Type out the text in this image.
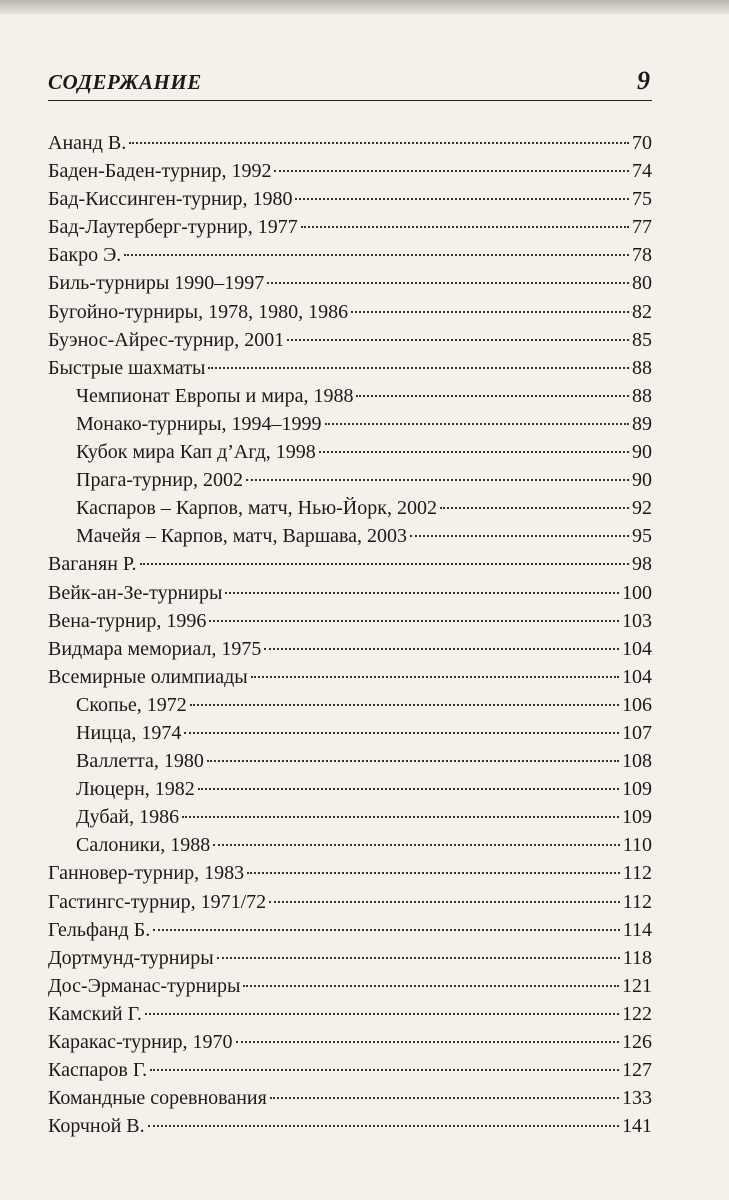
СОДЕРЖАНИЕ	9
Ананд В.	70
Баден-Баден-турнир, 1992	74
Бад-Киссинген-турнир, 1980	75
Бад-Лаутерберг-турнир, 1977	77
Бакро Э.	78
Биль-турниры 1990–1997	80
Бугойно-турниры, 1978, 1980, 1986	82
Буэнос-Айрес-турнир, 2001	85
Быстрые шахматы	88
Чемпионат Европы и мира, 1988	88
Монако-турниры, 1994–1999	89
Кубок мира Кап д’Агд, 1998	90
Прага-турнир, 2002	90
Каспаров – Карпов, матч, Нью-Йорк, 2002	92
Мачейя – Карпов, матч, Варшава, 2003	95
Ваганян Р.	98
Вейк-ан-Зе-турниры	100
Вена-турнир, 1996	103
Видмара мемориал, 1975	104
Всемирные олимпиады	104
Скопье, 1972	106
Ницца, 1974	107
Валлетта, 1980	108
Люцерн, 1982	109
Дубай, 1986	109
Салоники, 1988	110
Ганновер-турнир, 1983	112
Гастингс-турнир, 1971/72	112
Гельфанд Б.	114
Дортмунд-турниры	118
Дос-Эрманас-турниры	121
Камский Г.	122
Каракас-турнир, 1970	126
Каспаров Г.	127
Командные соревнования	133
Корчной В.	141
